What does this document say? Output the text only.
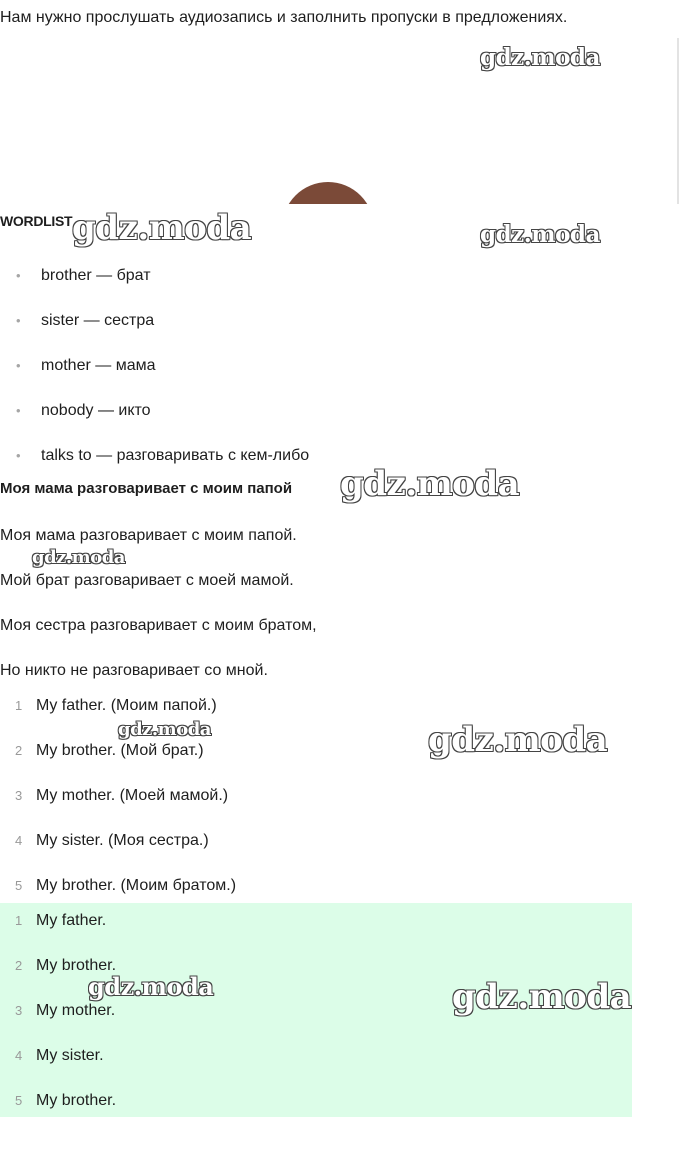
Нам нужно прослушать аудиозапись и заполнить пропуски в предложениях.
WORDLIST
• brother — брат
• sister — сестра
• mother — мама
• nobody — икто
• talks to — разговаривать с кем-либо
Моя мама разговаривает с моим папой

Моя мама разговаривает с моим папой.

Мой брат разговаривает с моей мамой.

Моя сестра разговаривает с моим братом,

Но никто не разговаривает со мной.

1 My father. (Моим папой.)
2 My brother. (Мой брат.)
3 My mother. (Моей мамой.)
4 My sister. (Моя сестра.)
5 My brother. (Моим братом.)
1 My father.
2 My brother.
3 My mother.
4 My sister.
5 My brother.
gdz.moda
gdz.moda	gdz.moda
gdz.moda
gdz.moda
gdz.moda	gdz.moda
gdz.moda	gdz.moda
